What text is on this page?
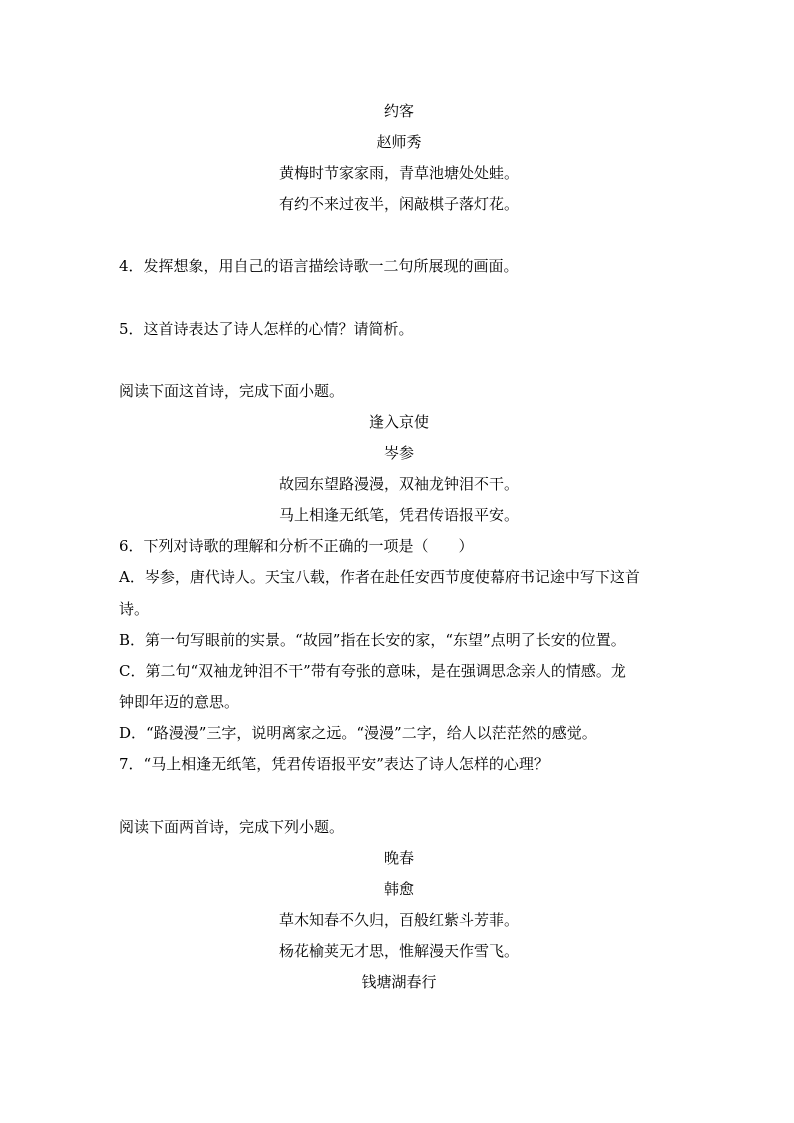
约客
赵师秀
黄梅时节家家雨，青草池塘处处蛙。
有约不来过夜半，闲敲棋子落灯花。
4．发挥想象，用自己的语言描绘诗歌一二句所展现的画面。
5．这首诗表达了诗人怎样的心情？请简析。
阅读下面这首诗，完成下面小题。
逢入京使
岑参
故园东望路漫漫，双袖龙钟泪不干。
马上相逢无纸笔，凭君传语报平安。
6．下列对诗歌的理解和分析不正确的一项是（　　）
A．岑参，唐代诗人。天宝八载，作者在赴任安西节度使幕府书记途中写下这首
诗。
B．第一句写眼前的实景。“故园”指在长安的家，“东望”点明了长安的位置。
C．第二句“双袖龙钟泪不干”带有夸张的意味，是在强调思念亲人的情感。龙
钟即年迈的意思。
D．“路漫漫”三字，说明离家之远。“漫漫”二字，给人以茫茫然的感觉。
7．“马上相逢无纸笔，凭君传语报平安”表达了诗人怎样的心理？
阅读下面两首诗，完成下列小题。
晚春
韩愈
草木知春不久归，百般红紫斗芳菲。
杨花榆荚无才思，惟解漫天作雪飞。
钱塘湖春行
